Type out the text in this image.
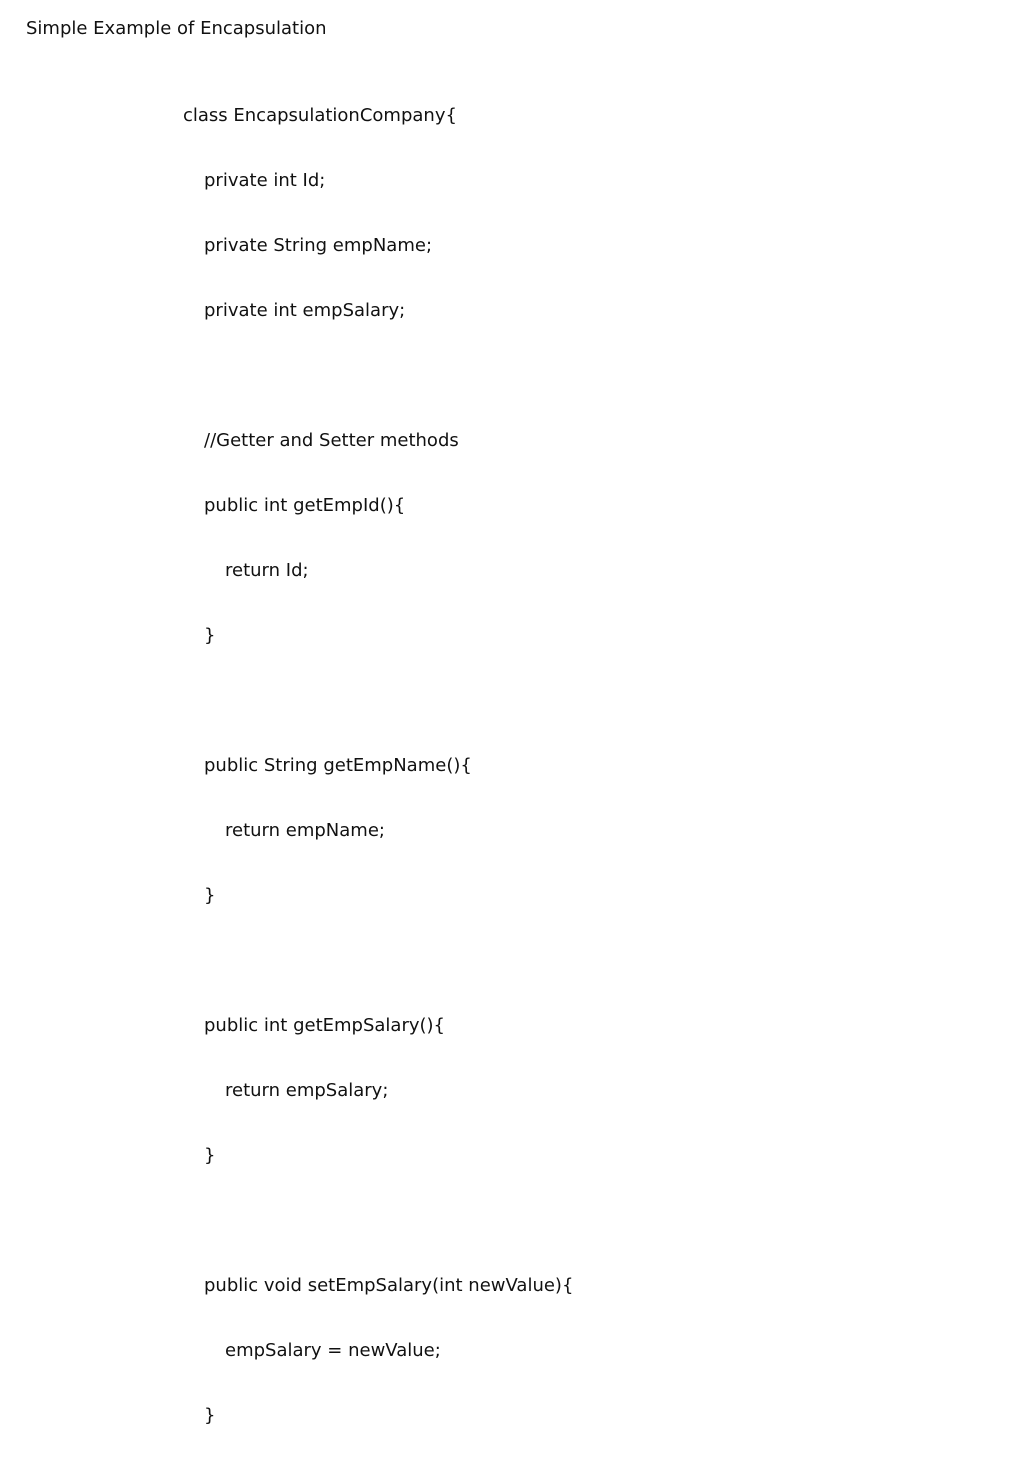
Simple Example of Encapsulation

class EncapsulationCompany{

private int Id;

private String empName;

private int empSalary;

//Getter and Setter methods

public int getEmpId(){

return Id;

}

public String getEmpName(){

return empName;

}

public int getEmpSalary(){

return empSalary;

}

public void setEmpSalary(int newValue){

empSalary = newValue;

}
